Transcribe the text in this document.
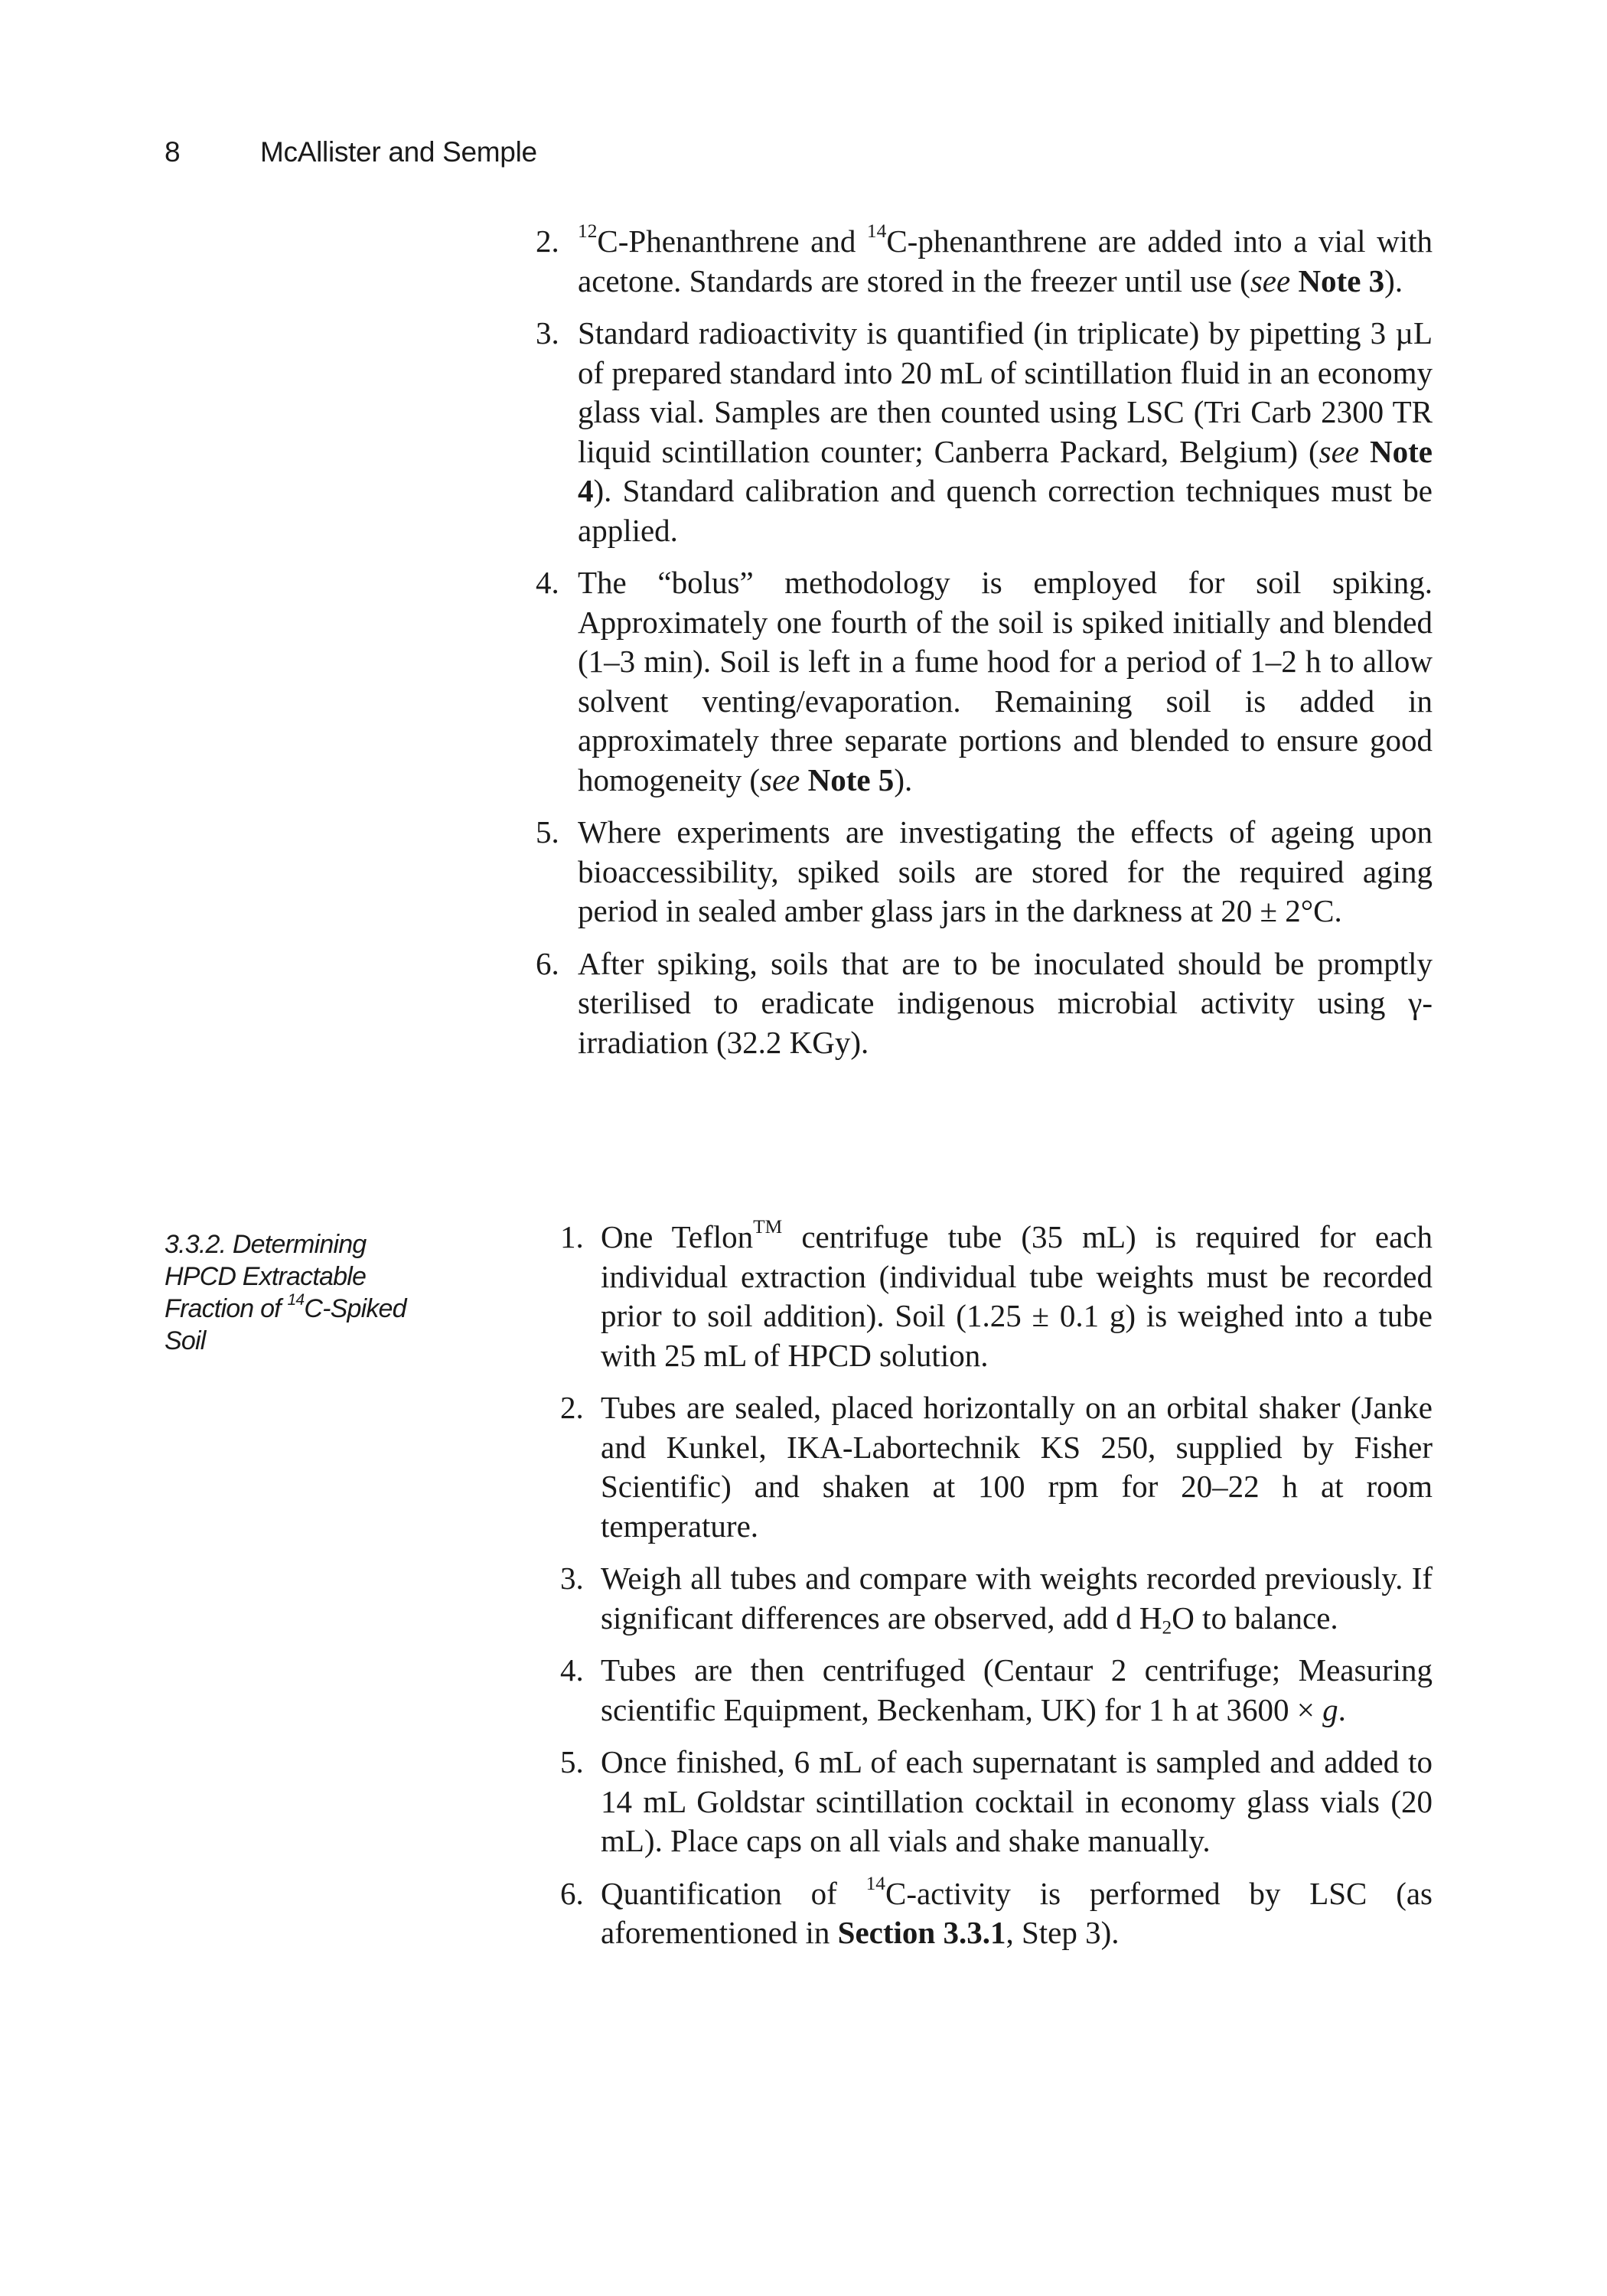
8	McAllister and Semple
2. $^{12}$C-Phenanthrene and $^{14}$C-phenanthrene are added into a vial with acetone. Standards are stored in the freezer until use (see Note 3).
3. Standard radioactivity is quantified (in triplicate) by pipetting 3 µL of prepared standard into 20 mL of scintillation fluid in an economy glass vial. Samples are then counted using LSC (Tri Carb 2300 TR liquid scintillation counter; Canberra Packard, Belgium) (see Note 4). Standard calibration and quench correction techniques must be applied.
4. The “bolus” methodology is employed for soil spiking. Approximately one fourth of the soil is spiked initially and blended (1–3 min). Soil is left in a fume hood for a period of 1–2 h to allow solvent venting/evaporation. Remaining soil is added in approximately three separate portions and blended to ensure good homogeneity (see Note 5).
5. Where experiments are investigating the effects of ageing upon bioaccessibility, spiked soils are stored for the required aging period in sealed amber glass jars in the darkness at 20 ± 2°C.
6. After spiking, soils that are to be inoculated should be promptly sterilised to eradicate indigenous microbial activity using γ-irradiation (32.2 KGy).
3.3.2. Determining HPCD Extractable Fraction of $^{14}$C-Spiked Soil
1. One Teflon™ centrifuge tube (35 mL) is required for each individual extraction (individual tube weights must be recorded prior to soil addition). Soil (1.25 ± 0.1 g) is weighed into a tube with 25 mL of HPCD solution.
2. Tubes are sealed, placed horizontally on an orbital shaker (Janke and Kunkel, IKA-Labortechnik KS 250, supplied by Fisher Scientific) and shaken at 100 rpm for 20–22 h at room temperature.
3. Weigh all tubes and compare with weights recorded previously. If significant differences are observed, add d $H_2O$ to balance.
4. Tubes are then centrifuged (Centaur 2 centrifuge; Measuring scientific Equipment, Beckenham, UK) for 1 h at 3600 × g.
5. Once finished, 6 mL of each supernatant is sampled and added to 14 mL Goldstar scintillation cocktail in economy glass vials (20 mL). Place caps on all vials and shake manually.
6. Quantification of $^{14}$C-activity is performed by LSC (as aforementioned in Section 3.3.1, Step 3).
